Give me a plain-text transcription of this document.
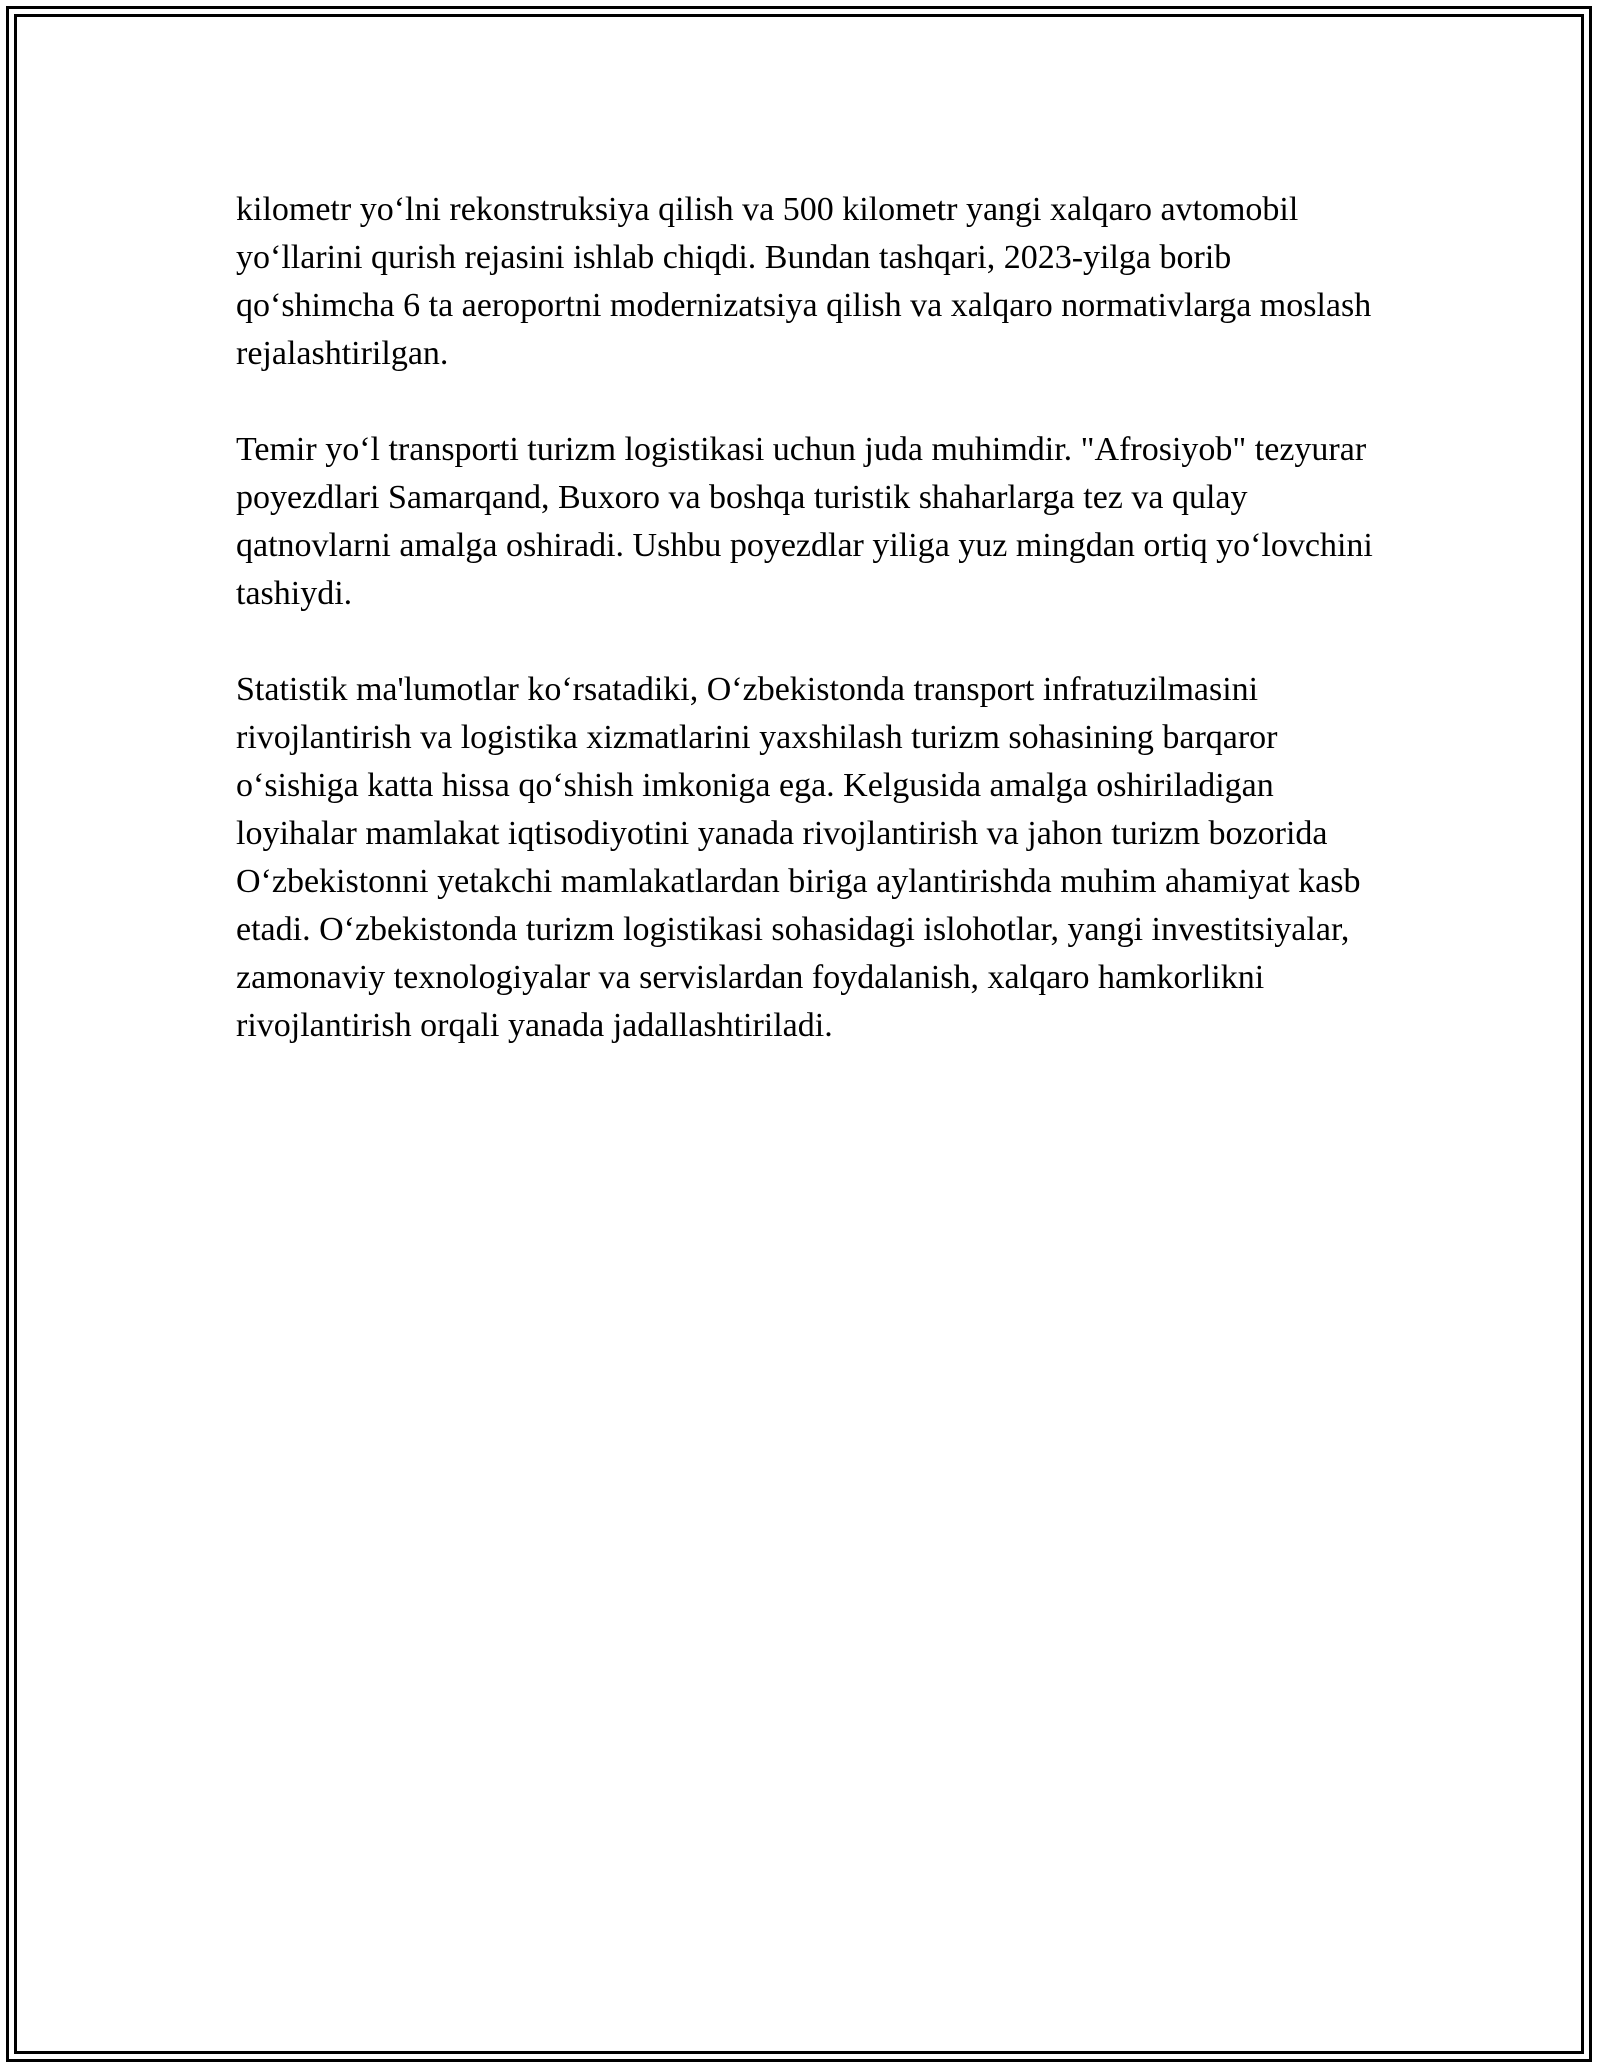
kilometr yo‘lni rekonstruksiya qilish va 500 kilometr yangi xalqaro avtomobil yo‘llarini qurish rejasini ishlab chiqdi. Bundan tashqari, 2023-yilga borib qo‘shimcha 6 ta aeroportni modernizatsiya qilish va xalqaro normativlarga moslash rejalashtirilgan.

Temir yo‘l transporti turizm logistikasi uchun juda muhimdir. "Afrosiyob" tezyurar poyezdlari Samarqand, Buxoro va boshqa turistik shaharlarga tez va qulay qatnovlarni amalga oshiradi. Ushbu poyezdlar yiliga yuz mingdan ortiq yo‘lovchini tashiydi.

Statistik ma'lumotlar ko‘rsatadiki, O‘zbekistonda transport infratuzilmasini rivojlantirish va logistika xizmatlarini yaxshilash turizm sohasining barqaror o‘sishiga katta hissa qo‘shish imkoniga ega. Kelgusida amalga oshiriladigan loyihalar mamlakat iqtisodiyotini yanada rivojlantirish va jahon turizm bozorida O‘zbekistonni yetakchi mamlakatlardan biriga aylantirishda muhim ahamiyat kasb etadi. O‘zbekistonda turizm logistikasi sohasidagi islohotlar, yangi investitsiyalar, zamonaviy texnologiyalar va servislardan foydalanish, xalqaro hamkorlikni rivojlantirish orqali yanada jadallashtiriladi.
